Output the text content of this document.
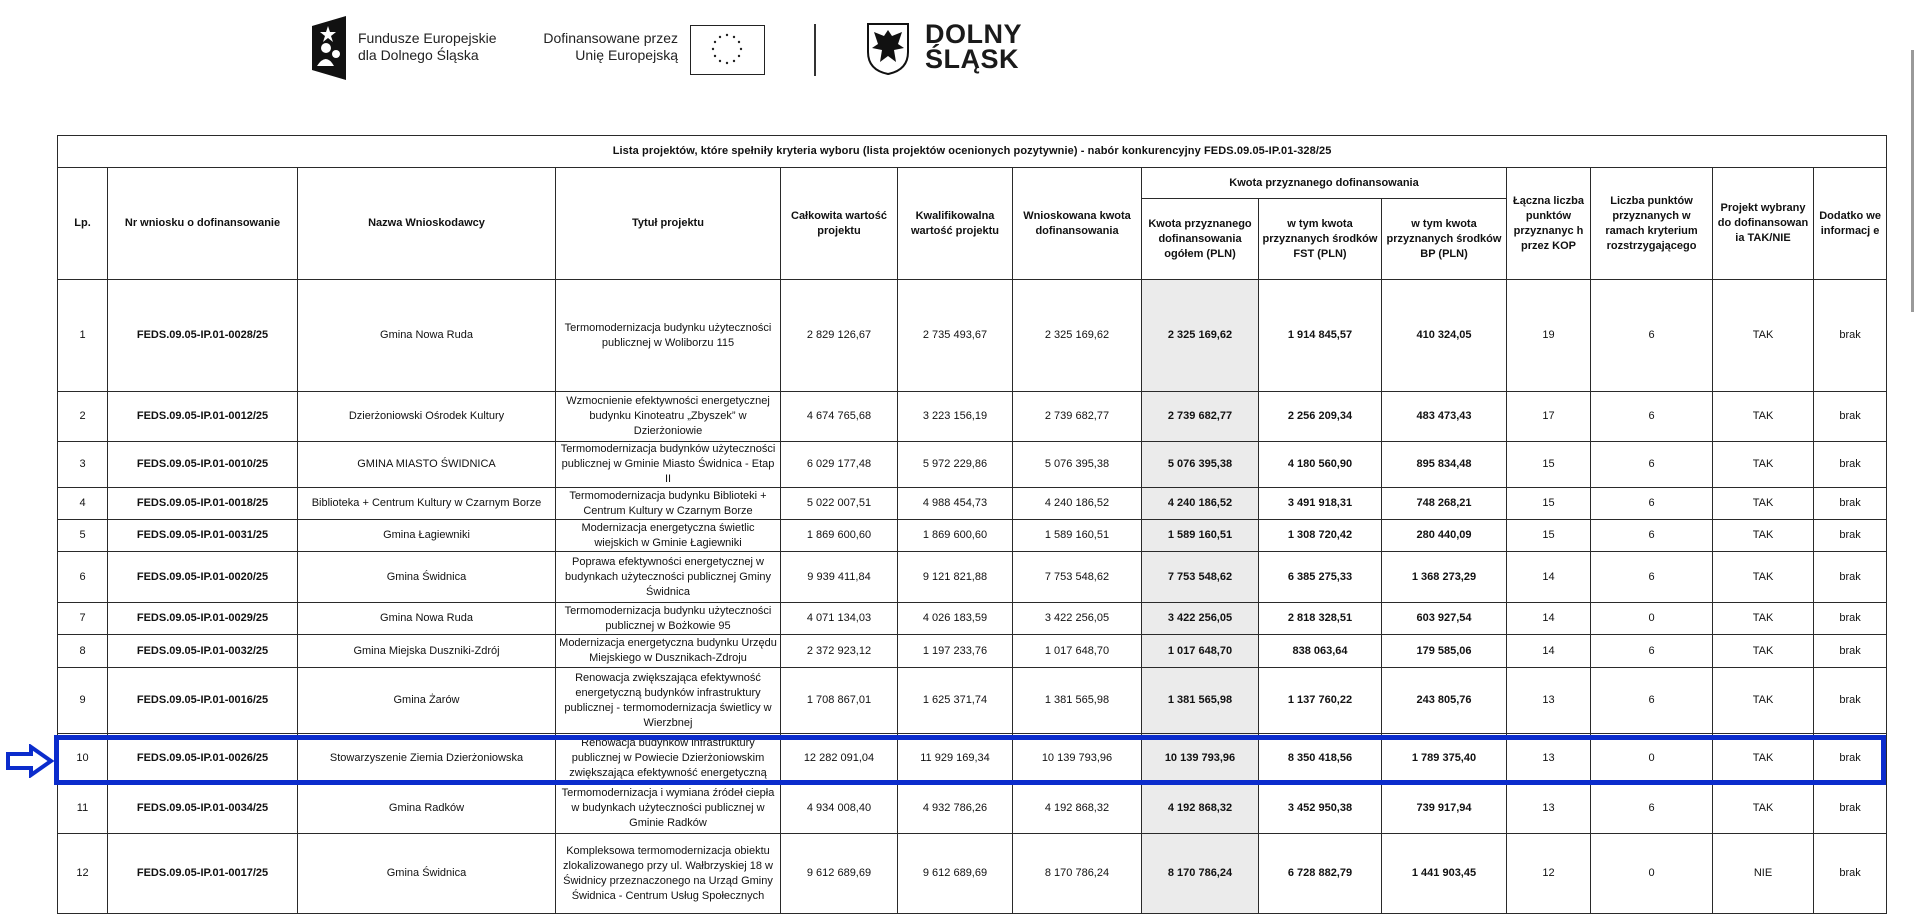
Fundusze Europejskie
dla Dolnego Śląska
Dofinansowane przez
Unię Europejską
DOLNY
ŚLĄSK
Lista projektów, które spełniły kryteria wyboru (lista projektów ocenionych pozytywnie) - nabór konkurencyjny FEDS.09.05-IP.01-328/25													
Lp.	Nr wniosku o dofinansowanie	Nazwa Wnioskodawcy	Tytuł projektu	Całkowita wartość projektu	Kwalifikowalna wartość projektu	Wnioskowana kwota dofinansowania	Kwota przyznanego dofinansowania			Łączna liczba punktów przyznanyc h przez KOP	Liczba punktów przyznanych w ramach kryterium rozstrzygającego	Projekt wybrany do dofinansowan ia TAK/NIE	Dodatko we informacj e
							Kwota przyznanego dofinansowania ogółem (PLN)	w tym kwota przyznanych środków FST (PLN)	w tym kwota przyznanych środków BP (PLN)				
1	FEDS.09.05-IP.01-0028/25	Gmina Nowa Ruda	Termomodernizacja budynku użyteczności publicznej w Woliborzu 115	2 829 126,67	2 735 493,67	2 325 169,62	2 325 169,62	1 914 845,57	410 324,05	19	6	TAK	brak
2	FEDS.09.05-IP.01-0012/25	Dzierżoniowski Ośrodek Kultury	Wzmocnienie efektywności energetycznej budynku Kinoteatru „Zbyszek” w Dzierżoniowie	4 674 765,68	3 223 156,19	2 739 682,77	2 739 682,77	2 256 209,34	483 473,43	17	6	TAK	brak
3	FEDS.09.05-IP.01-0010/25	GMINA MIASTO ŚWIDNICA	Termomodernizacja budynków użyteczności publicznej w Gminie Miasto Świdnica - Etap II	6 029 177,48	5 972 229,86	5 076 395,38	5 076 395,38	4 180 560,90	895 834,48	15	6	TAK	brak
4	FEDS.09.05-IP.01-0018/25	Biblioteka + Centrum Kultury w Czarnym Borze	Termomodernizacja budynku Biblioteki + Centrum Kultury w Czarnym Borze	5 022 007,51	4 988 454,73	4 240 186,52	4 240 186,52	3 491 918,31	748 268,21	15	6	TAK	brak
5	FEDS.09.05-IP.01-0031/25	Gmina Łagiewniki	Modernizacja energetyczna świetlic wiejskich w Gminie Łagiewniki	1 869 600,60	1 869 600,60	1 589 160,51	1 589 160,51	1 308 720,42	280 440,09	15	6	TAK	brak
6	FEDS.09.05-IP.01-0020/25	Gmina Świdnica	Poprawa efektywności energetycznej w budynkach użyteczności publicznej Gminy Świdnica	9 939 411,84	9 121 821,88	7 753 548,62	7 753 548,62	6 385 275,33	1 368 273,29	14	6	TAK	brak
7	FEDS.09.05-IP.01-0029/25	Gmina Nowa Ruda	Termomodernizacja budynku użyteczności publicznej w Bożkowie 95	4 071 134,03	4 026 183,59	3 422 256,05	3 422 256,05	2 818 328,51	603 927,54	14	0	TAK	brak
8	FEDS.09.05-IP.01-0032/25	Gmina Miejska Duszniki-Zdrój	Modernizacja energetyczna budynku Urzędu Miejskiego w Dusznikach-Zdroju	2 372 923,12	1 197 233,76	1 017 648,70	1 017 648,70	838 063,64	179 585,06	14	6	TAK	brak
9	FEDS.09.05-IP.01-0016/25	Gmina Żarów	Renowacja zwiększająca efektywność energetyczną budynków infrastruktury publicznej - termomodernizacja świetlicy w Wierzbnej	1 708 867,01	1 625 371,74	1 381 565,98	1 381 565,98	1 137 760,22	243 805,76	13	6	TAK	brak
10	FEDS.09.05-IP.01-0026/25	Stowarzyszenie Ziemia Dzierżoniowska	Renowacja budynków infrastruktury publicznej w Powiecie Dzierżoniowskim zwiększająca efektywność energetyczną	12 282 091,04	11 929 169,34	10 139 793,96	10 139 793,96	8 350 418,56	1 789 375,40	13	0	TAK	brak
11	FEDS.09.05-IP.01-0034/25	Gmina Radków	Termomodernizacja i wymiana źródeł ciepła w budynkach użyteczności publicznej w Gminie Radków	4 934 008,40	4 932 786,26	4 192 868,32	4 192 868,32	3 452 950,38	739 917,94	13	6	TAK	brak
12	FEDS.09.05-IP.01-0017/25	Gmina Świdnica	Kompleksowa termomodernizacja obiektu zlokalizowanego przy ul. Wałbrzyskiej 18 w Świdnicy przeznaczonego na Urząd Gminy Świdnica - Centrum Usług Społecznych	9 612 689,69	9 612 689,69	8 170 786,24	8 170 786,24	6 728 882,79	1 441 903,45	12	0	NIE	brak
